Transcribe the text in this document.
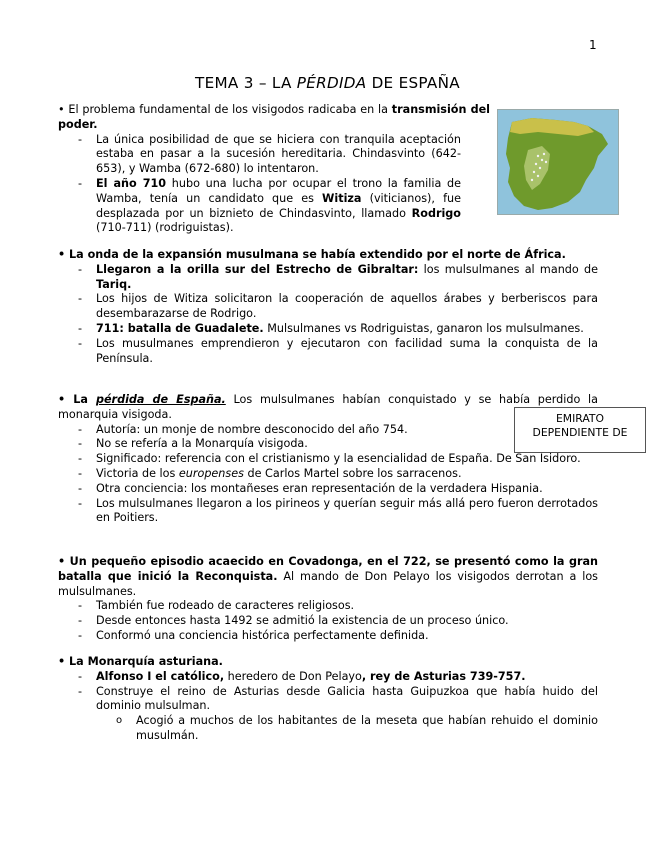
1
TEMA 3 – LA PÉRDIDA DE ESPAÑA
EMIRATO
DEPENDIENTE DE

• El problema fundamental de los visigodos radicaba en la transmisión del poder.

- La única posibilidad de que se hiciera con tranquila aceptación estaba en pasar a la sucesión hereditaria. Chindasvinto (642-653), y Wamba (672-680) lo intentaron.
- El año 710 hubo una lucha por ocupar el trono la familia de Wamba, tenía un candidato que es Witiza (viticianos), fue desplazada por un biznieto de Chindasvinto, llamado Rodrigo (710-711) (rodriguistas).

• La onda de la expansión musulmana se había extendido por el norte de África.

- Llegaron a la orilla sur del Estrecho de Gibraltar: los mulsulmanes al mando de Tariq.
- Los hijos de Witiza solicitaron la cooperación de aquellos árabes y berberiscos para desembarazarse de Rodrigo.
- 711: batalla de Guadalete. Mulsulmanes vs Rodriguistas, ganaron los mulsulmanes.
- Los musulmanes emprendieron y ejecutaron con facilidad suma la conquista de la Península.

• La pérdida de España. Los mulsulmanes habían conquistado y se había perdido la monarquia visigoda.

- Autoría: un monje de nombre desconocido del año 754.
- No se refería a la Monarquía visigoda.
- Significado: referencia con el cristianismo y la esencialidad de España. De San Isidoro.
- Victoria de los europenses de Carlos Martel sobre los sarracenos.
- Otra conciencia: los montañeses eran representación de la verdadera Hispania.
- Los mulsulmanes llegaron a los pirineos y querían seguir más allá pero fueron derrotados en Poitiers.

• Un pequeño episodio acaecido en Covadonga, en el 722, se presentó como la gran batalla que inició la Reconquista. Al mando de Don Pelayo los visigodos derrotan a los mulsulmanes.

- También fue rodeado de caracteres religiosos.
- Desde entonces hasta 1492 se admitió la existencia de un proceso único.
- Conformó una conciencia histórica perfectamente definida.

• La Monarquía asturiana.

- Alfonso I el católico, heredero de Don Pelayo, rey de Asturias 739-757.
- Construye el reino de Asturias desde Galicia hasta Guipuzkoa que había huido del dominio mulsulman.
o Acogió a muchos de los habitantes de la meseta que habían rehuido el dominio musulmán.
